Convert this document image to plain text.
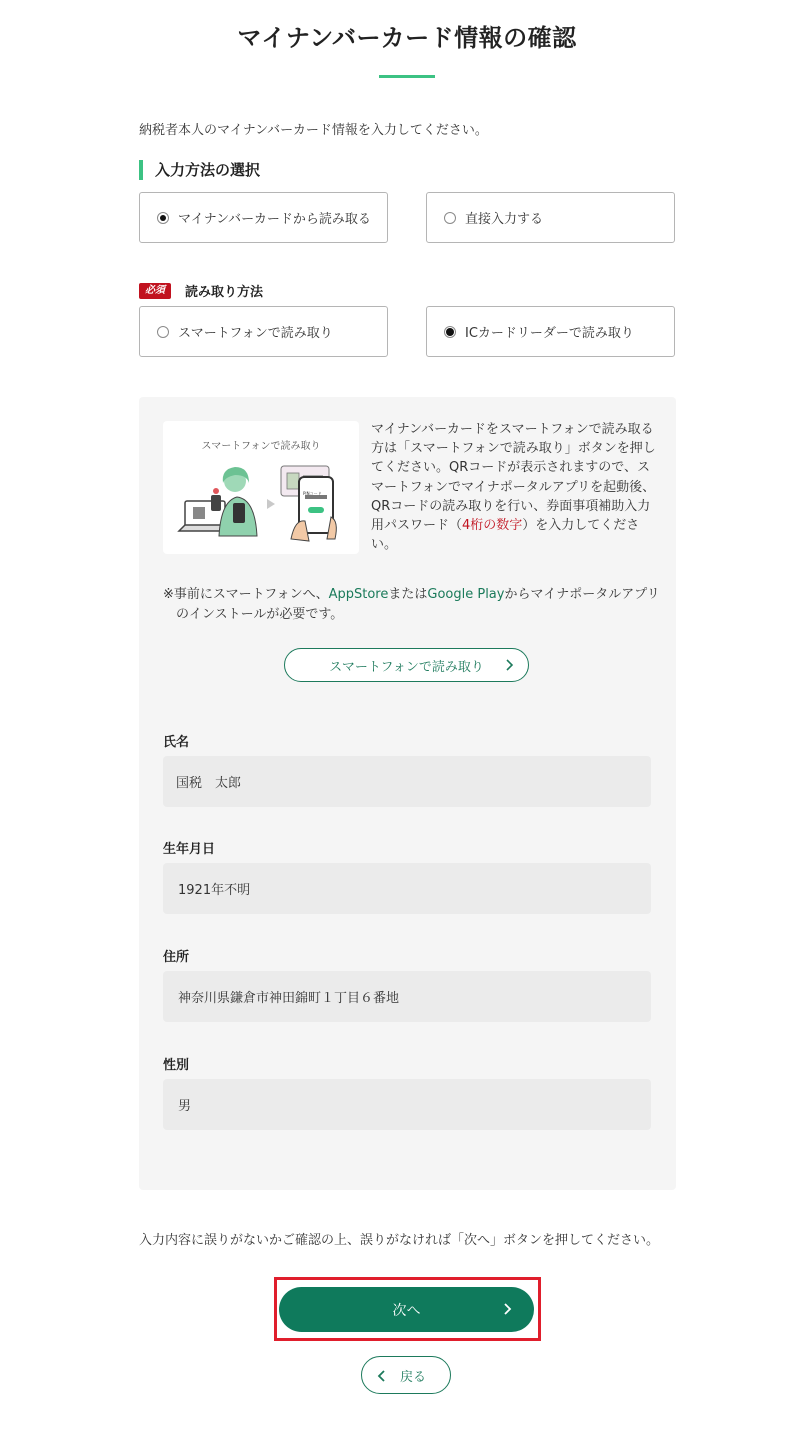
マイナンバーカード情報の確認

納税者本人のマイナンバーカード情報を入力してください。

入力方法の選択
マイナンバーカードから読み取る	直接入力する
必須	読み取り方法
スマートフォンで読み取り	ICカードリーダーで読み取り
スマートフォンで読み取り
PINコード
マイナンバーカードをスマートフォンで読み取る方は「スマートフォンで読み取り」ボタンを押してください。QRコードが表示されますので、スマートフォンでマイナポータルアプリを起動後、QRコードの読み取りを行い、券面事項補助入力用パスワード（4桁の数字）を入力してください。
※事前にスマートフォンへ、AppStoreまたはGoogle Playからマイナポータルアプリ
のインストールが必要です。
スマートフォンで読み取り
氏名
国税　太郎
生年月日
1921年不明
住所
神奈川県鎌倉市神田錦町１丁目６番地
性別
男

入力内容に誤りがないかご確認の上、誤りがなければ「次へ」ボタンを押してください。

次へ
戻る
